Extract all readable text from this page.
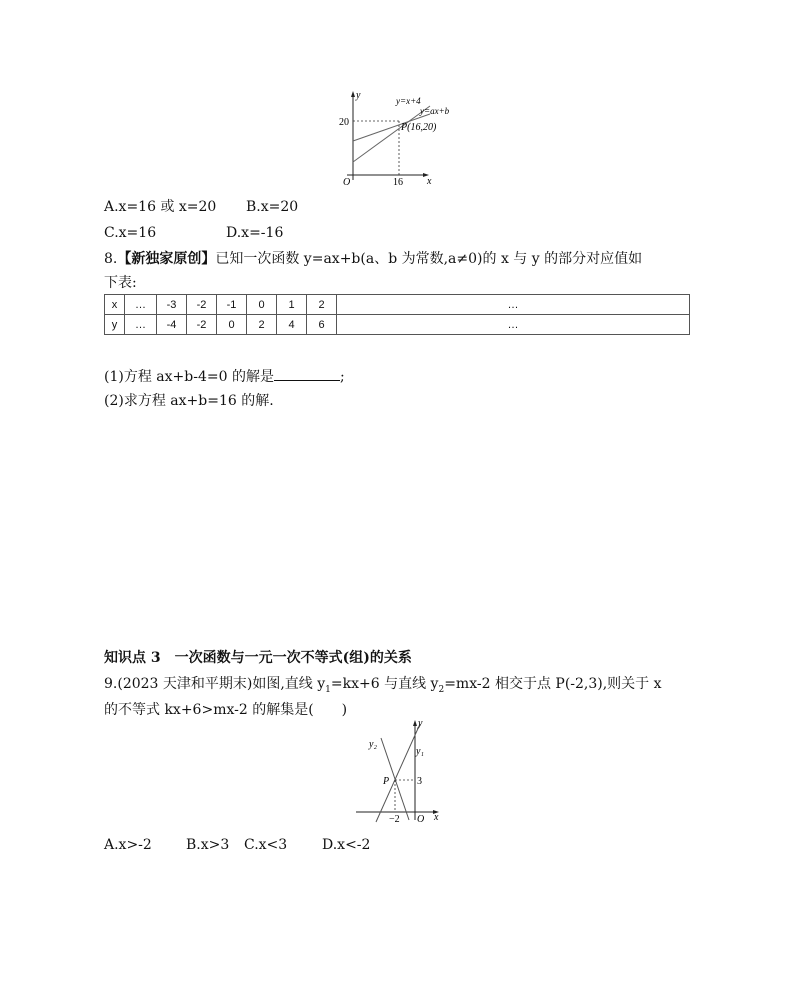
y
20
O	16 x
y=x+4
y=ax+b
P(16,20)
A.x=16 或 x=20 B.x=20
C.x=16	D.x=-16
8.【新独家原创】已知一次函数 y=ax+b(a、b 为常数,a≠0)的 x 与 y 的部分对应值如
下表:
x	…	-3	-2	-1	0	1	2	…
y	…	-4	-2	0	2	4	6	…
(1)方程 ax+b-4=0 的解是	;
(2)求方程 ax+b=16 的解.
知识点 3　一次函数与一元一次不等式(组)的关系
9.(2023 天津和平期末)如图,直线 $y_1=kx+6$ 与直线 $y_2=mx-2$ 相交于点 P(-2,3),则关于 x
的不等式 kx+6>mx-2 的解集是(　　)
y
y₂
y₁
P	3
−2 O x
A.x>-2 B.x>3 C.x<3 D.x<-2
